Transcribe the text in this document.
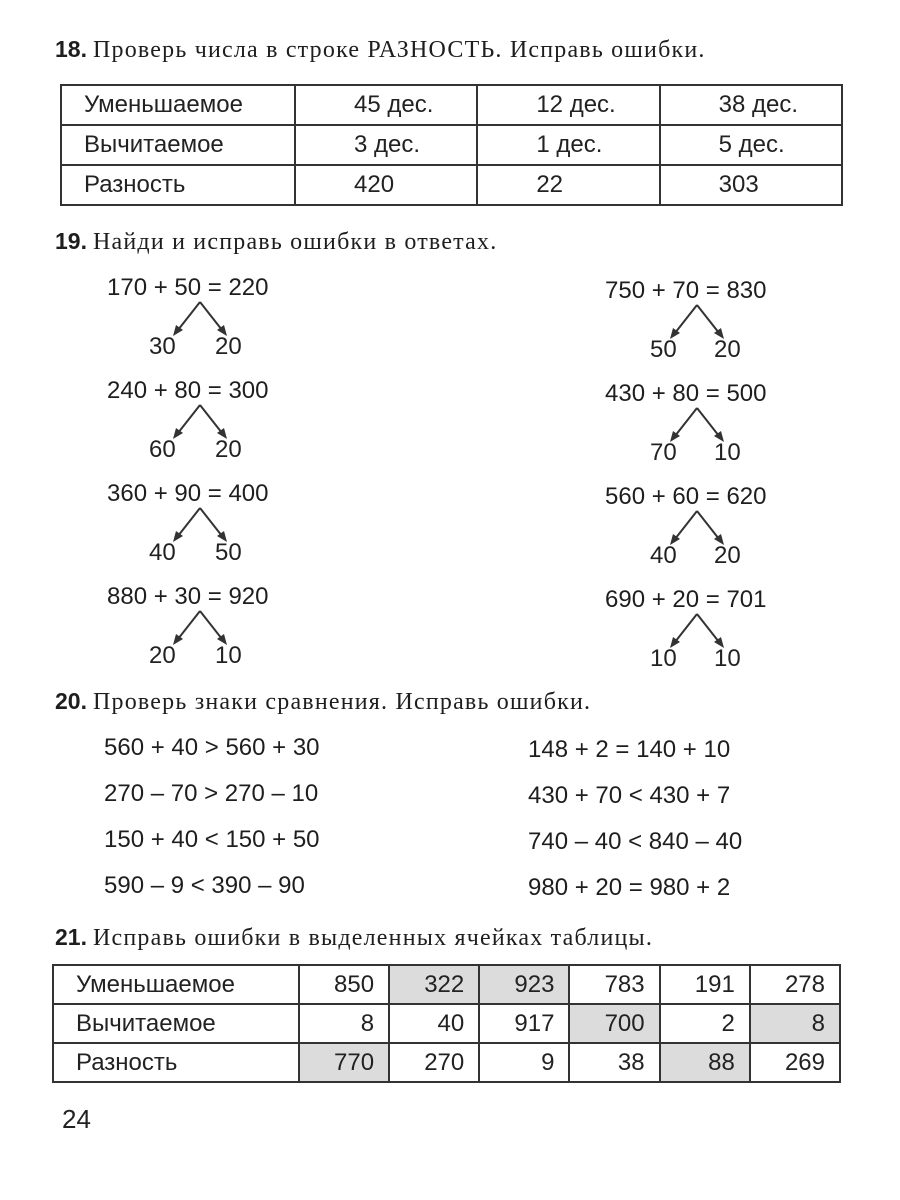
18. Проверь числа в строке РАЗНОСТЬ. Исправь ошибки.
Уменьшаемое	45 дес.	12 дес.	38 дес.
Вычитаемое	3 дес.	1 дес.	5 дес.
Разность	420	22	303
19. Найди и исправь ошибки в ответах.
170 + 50 = 220
30 20
240 + 80 = 300
60 20
360 + 90 = 400
40 50
880 + 30 = 920
20 10
750 + 70 = 830
50 20
430 + 80 = 500
70 10
560 + 60 = 620
40 20
690 + 20 = 701
10 10
20. Проверь знаки сравнения. Исправь ошибки.
560 + 40 > 560 + 30
270 – 70 > 270 – 10
150 + 40 < 150 + 50
590 – 9 < 390 – 90
148 + 2 = 140 + 10
430 + 70 < 430 + 7
740 – 40 < 840 – 40
980 + 20 = 980 + 2
21. Исправь ошибки в выделенных ячейках таблицы.
Уменьшаемое	850	322	923	783	191	278
Вычитаемое	8	40	917	700	2	8
Разность	770	270	9	38	88	269
24
